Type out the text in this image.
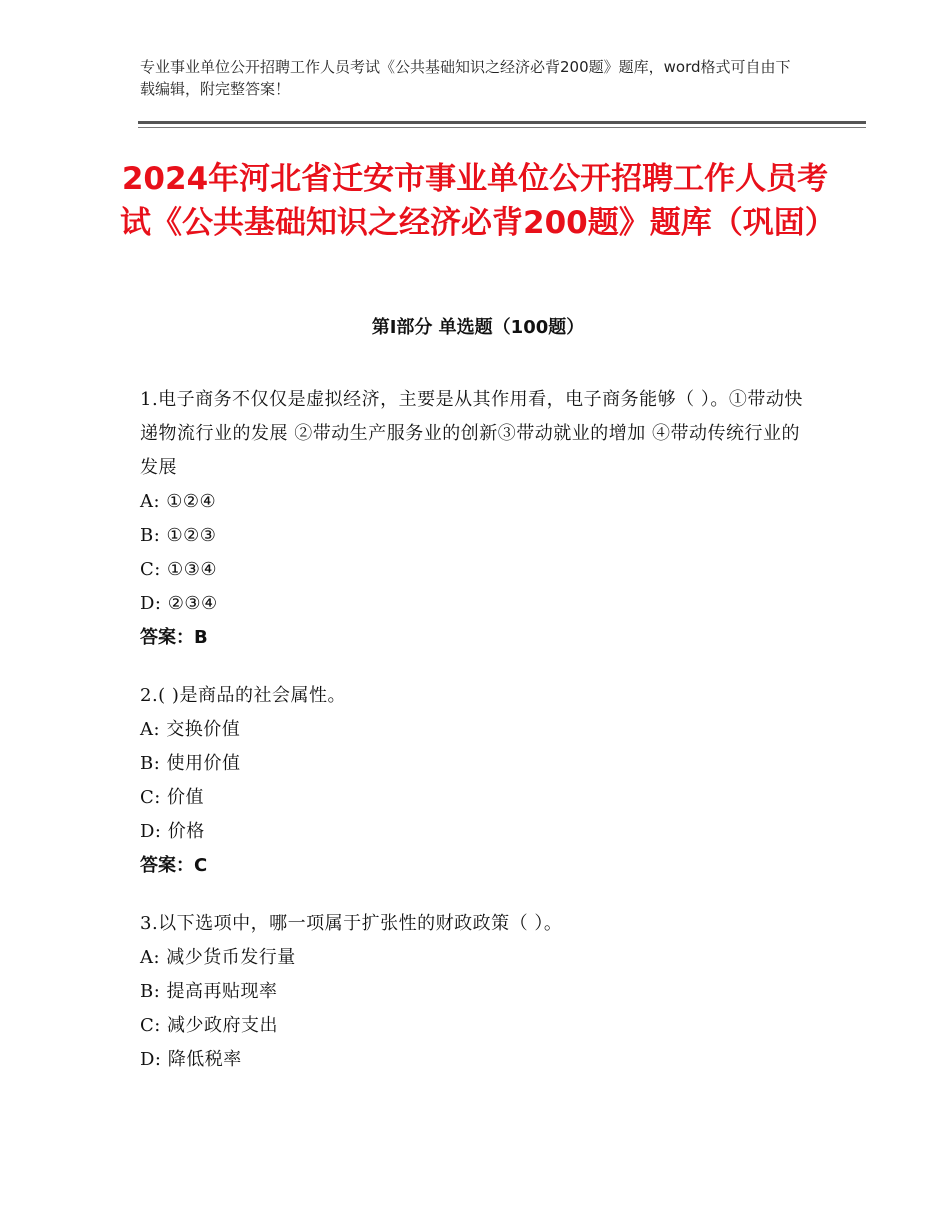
专业事业单位公开招聘工作人员考试《公共基础知识之经济必背200题》题库，word格式可自由下载编辑，附完整答案！
2024年河北省迁安市事业单位公开招聘工作人员考试《公共基础知识之经济必背200题》题库（巩固）
第I部分 单选题（100题）
1.电子商务不仅仅是虚拟经济，主要是从其作用看，电子商务能够（ ）。①带动快递物流行业的发展 ②带动生产服务业的创新③带动就业的增加 ④带动传统行业的发展
A: ①②④
B: ①②③
C: ①③④
D: ②③④
答案：B
2.( )是商品的社会属性。
A: 交换价值
B: 使用价值
C: 价值
D: 价格
答案：C
3.以下选项中，哪一项属于扩张性的财政政策（ ）。
A: 减少货币发行量
B: 提高再贴现率
C: 减少政府支出
D: 降低税率
